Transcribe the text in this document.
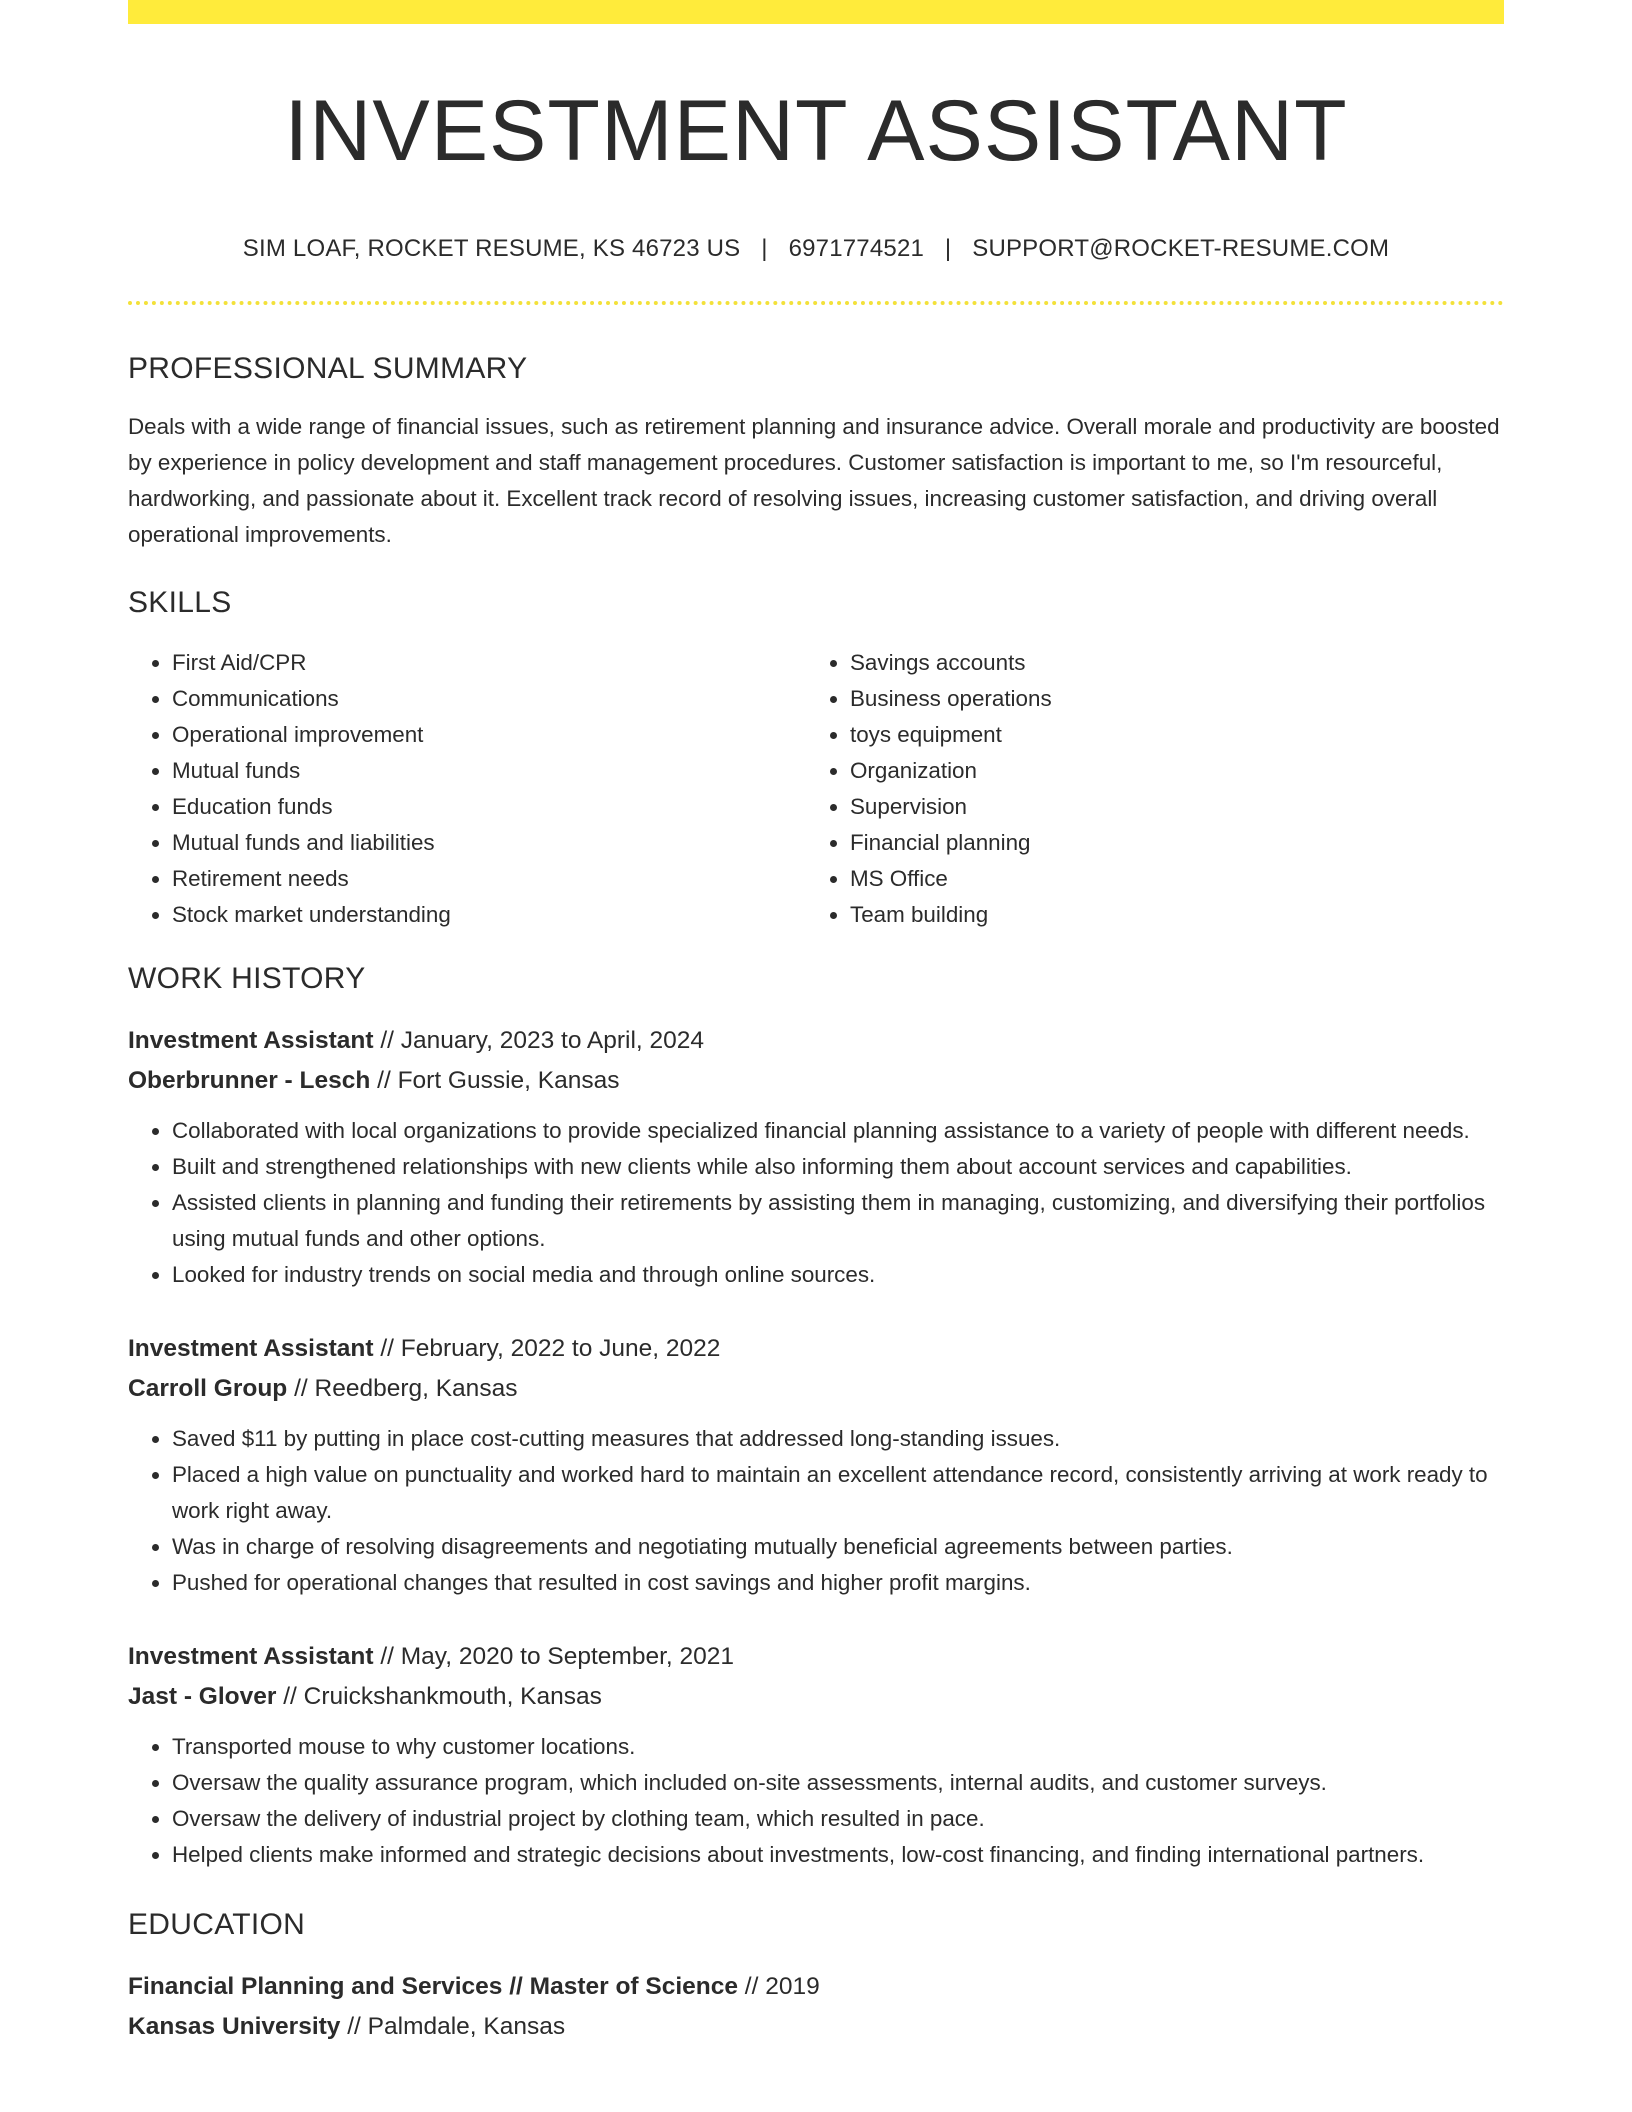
INVESTMENT ASSISTANT
SIM LOAF, ROCKET RESUME, KS 46723 US | 6971774521 | SUPPORT@ROCKET-RESUME.COM
PROFESSIONAL SUMMARY

Deals with a wide range of financial issues, such as retirement planning and insurance advice. Overall morale and productivity are boosted by experience in policy development and staff management procedures. Customer satisfaction is important to me, so I'm resourceful, hardworking, and passionate about it. Excellent track record of resolving issues, increasing customer satisfaction, and driving overall operational improvements.

SKILLS
• First Aid/CPR
• Communications
• Operational improvement
• Mutual funds
• Education funds
• Mutual funds and liabilities
• Retirement needs
• Stock market understanding
• Savings accounts
• Business operations
• toys equipment
• Organization
• Supervision
• Financial planning
• MS Office
• Team building
WORK HISTORY
Investment Assistant // January, 2023 to April, 2024
Oberbrunner - Lesch // Fort Gussie, Kansas
• Collaborated with local organizations to provide specialized financial planning assistance to a variety of people with different needs.
• Built and strengthened relationships with new clients while also informing them about account services and capabilities.
• Assisted clients in planning and funding their retirements by assisting them in managing, customizing, and diversifying their portfolios using mutual funds and other options.
• Looked for industry trends on social media and through online sources.
Investment Assistant // February, 2022 to June, 2022
Carroll Group // Reedberg, Kansas
• Saved $11 by putting in place cost-cutting measures that addressed long-standing issues.
• Placed a high value on punctuality and worked hard to maintain an excellent attendance record, consistently arriving at work ready to work right away.
• Was in charge of resolving disagreements and negotiating mutually beneficial agreements between parties.
• Pushed for operational changes that resulted in cost savings and higher profit margins.
Investment Assistant // May, 2020 to September, 2021
Jast - Glover // Cruickshankmouth, Kansas
• Transported mouse to why customer locations.
• Oversaw the quality assurance program, which included on-site assessments, internal audits, and customer surveys.
• Oversaw the delivery of industrial project by clothing team, which resulted in pace.
• Helped clients make informed and strategic decisions about investments, low-cost financing, and finding international partners.
EDUCATION
Financial Planning and Services // Master of Science // 2019
Kansas University // Palmdale, Kansas
